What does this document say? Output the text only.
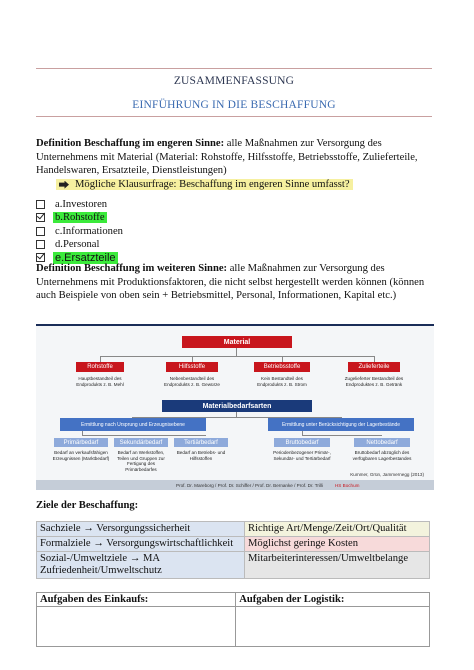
ZUSAMMENFASSUNG
EINFÜHRUNG IN DIE BESCHAFFUNG
Definition Beschaffung im engeren Sinne: alle Maßnahmen zur Versorgung des Unternehmens mit Material (Material: Rohstoffe, Hilfsstoffe, Betriebsstoffe, Zulieferteile, Handelswaren, Ersatzteile, Dienstleistungen)
Mögliche Klausurfrage: Beschaffung im engeren Sinne umfasst?
a.Investoren
b.Rohstoffe
c.Informationen
d.Personal
e.Ersatzteile
Definition Beschaffung im weiteren Sinne: alle Maßnahmen zur Versorgung des Unternehmens mit Produktionsfaktoren, die nicht selbst hergestellt werden können (können auch Beispiele von oben sein + Betriebsmittel, Personal, Informationen, Kapital etc.)
Material
Rohstoffe	Hilfsstoffe	Betriebsstoffe	Zulieferteile
Hauptbestandteil des Endprodukts z. B. Mehl
Nebenbestandteil des Endprodukts z. B. Gewürze
Kein Bestandteil des Endprodukts z. B. Strom
Zugelieferter Bestandteil des Endproduktes z. B. Getränk
Materialbedarfsarten
Ermittlung nach Ursprung und Erzeugnisebene	Ermittlung unter Berücksichtigung der Lagerbestände
Primärbedarf	Sekundärbedarf	Tertiärbedarf	Bruttobedarf	Nettobedarf
Bedarf an verkaufsfähigen Erzeugnissen (Marktbedarf)
Bedarf an Werkstoffen, Teilen und Gruppen zur Fertigung des Primärbedarfes
Bedarf an Betriebs- und Hilfsstoffen
Periodenbezogener Primär-, Sekundär- und Tertiärbedarf
Bruttobedarf abzüglich des verfügbaren Lagerbestandes
Kummer, Grün, Jammernegg (2013)
Prof. Dr. Mareborg / Prof. Dr. Schiffer / Prof. Dr. Bernanke / Prof. Dr. Trilli	HS Bochum
Ziele der Beschaffung:
Sachziele → Versorgungssicherheit	Richtige Art/Menge/Zeit/Ort/Qualität
Formalziele → Versorgungswirtschaftlichkeit	Möglichst geringe Kosten
Sozial-/Umweltziele → MA Zufriedenheit/Umweltschutz	Mitarbeiterinteressen/Umweltbelange
Aufgaben des Einkaufs:	Aufgaben der Logistik:
